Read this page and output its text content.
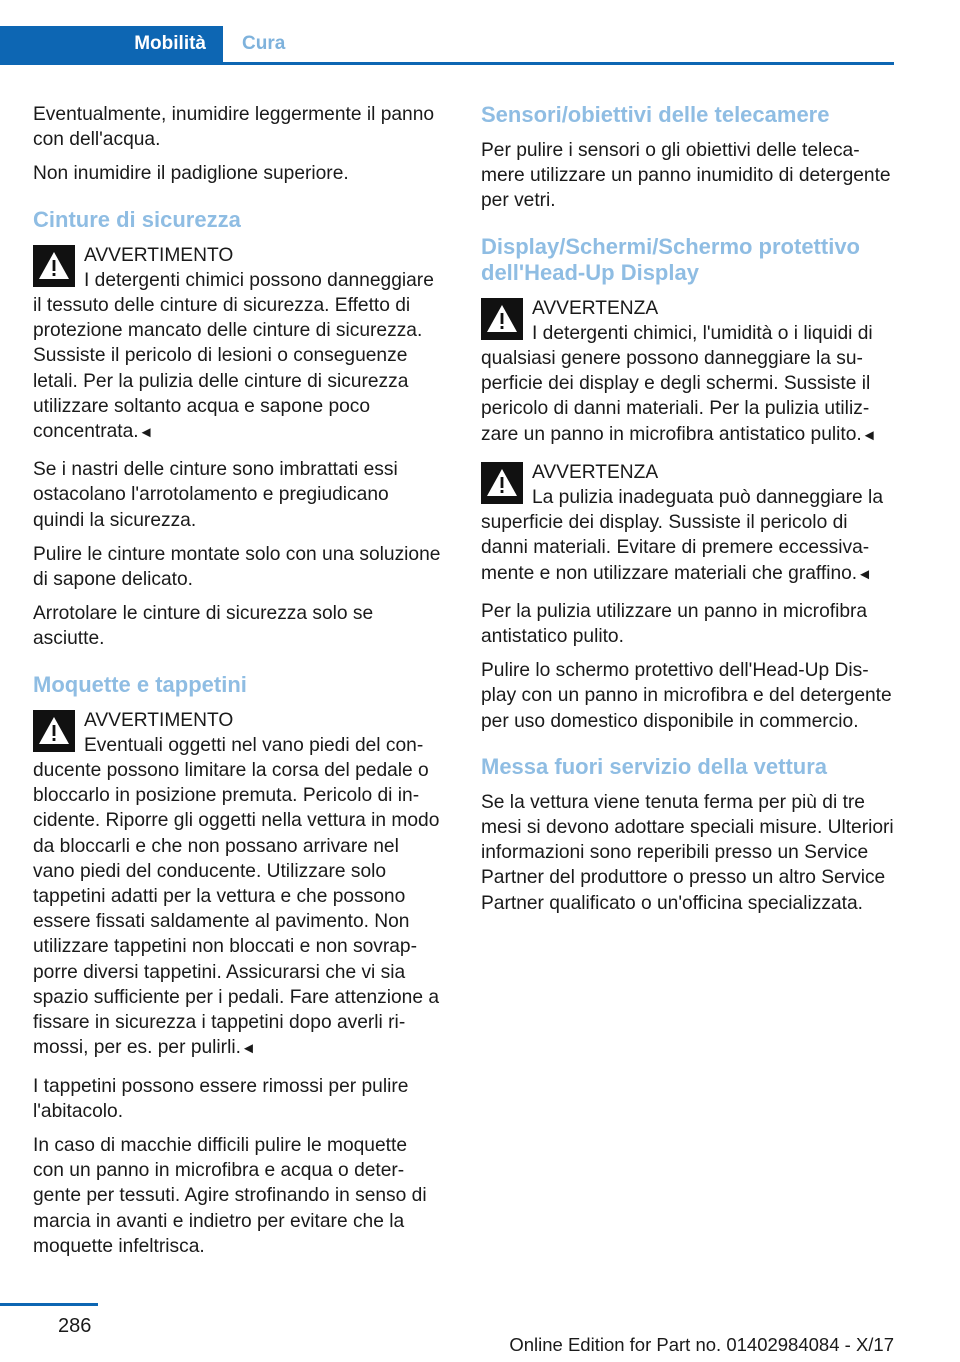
Mobilità	Cura

Eventualmente, inumidire leggermente il panno con dell'acqua.

Non inumidire il padiglione superiore.

Cinture di sicurezza
AVVERTIMENTO
I detergenti chimici possono danneggiare il tessuto delle cinture di sicurezza. Effetto di protezione mancato delle cinture di sicurezza. Sussiste il pericolo di lesioni o conseguenze letali. Per la pulizia delle cinture di sicurezza utilizzare soltanto acqua e sapone poco concentrata.◄

Se i nastri delle cinture sono imbrattati essi ostacolano l'arrotolamento e pregiudicano quindi la sicurezza.

Pulire le cinture montate solo con una soluzione di sapone delicato.

Arrotolare le cinture di sicurezza solo se asciutte.

Moquette e tappetini
AVVERTIMENTO
Eventuali oggetti nel vano piedi del conducente possono limitare la corsa del pedale o bloccarlo in posizione premuta. Pericolo di incidente. Riporre gli oggetti nella vettura in modo da bloccarli e che non possano arrivare nel vano piedi del conducente. Utilizzare solo tappetini adatti per la vettura e che possono essere fissati saldamente al pavimento. Non utilizzare tappetini non bloccati e non sovrapporre diversi tappetini. Assicurarsi che vi sia spazio sufficiente per i pedali. Fare attenzione a fissare in sicurezza i tappetini dopo averli rimossi, per es. per pulirli.◄

I tappetini possono essere rimossi per pulire l'abitacolo.

In caso di macchie difficili pulire le moquette con un panno in microfibra e acqua o detergente per tessuti. Agire strofinando in senso di marcia in avanti e indietro per evitare che la moquette infeltrisca.

Sensori/obiettivi delle telecamere

Per pulire i sensori o gli obiettivi delle telecamere utilizzare un panno inumidito di detergente per vetri.

Display/Schermi/Schermo protettivo dell'Head-Up Display
AVVERTENZA
I detergenti chimici, l'umidità o i liquidi di qualsiasi genere possono danneggiare la superficie dei display e degli schermi. Sussiste il pericolo di danni materiali. Per la pulizia utilizzare un panno in microfibra antistatico pulito.◄
AVVERTENZA
La pulizia inadeguata può danneggiare la superficie dei display. Sussiste il pericolo di danni materiali. Evitare di premere eccessivamente e non utilizzare materiali che graffino.◄

Per la pulizia utilizzare un panno in microfibra antistatico pulito.

Pulire lo schermo protettivo dell'Head-Up Display con un panno in microfibra e del detergente per uso domestico disponibile in commercio.

Messa fuori servizio della vettura

Se la vettura viene tenuta ferma per più di tre mesi si devono adottare speciali misure. Ulteriori informazioni sono reperibili presso un Service Partner del produttore o presso un altro Service Partner qualificato o un'officina specializzata.

286
Online Edition for Part no. 01402984084 - X/17
